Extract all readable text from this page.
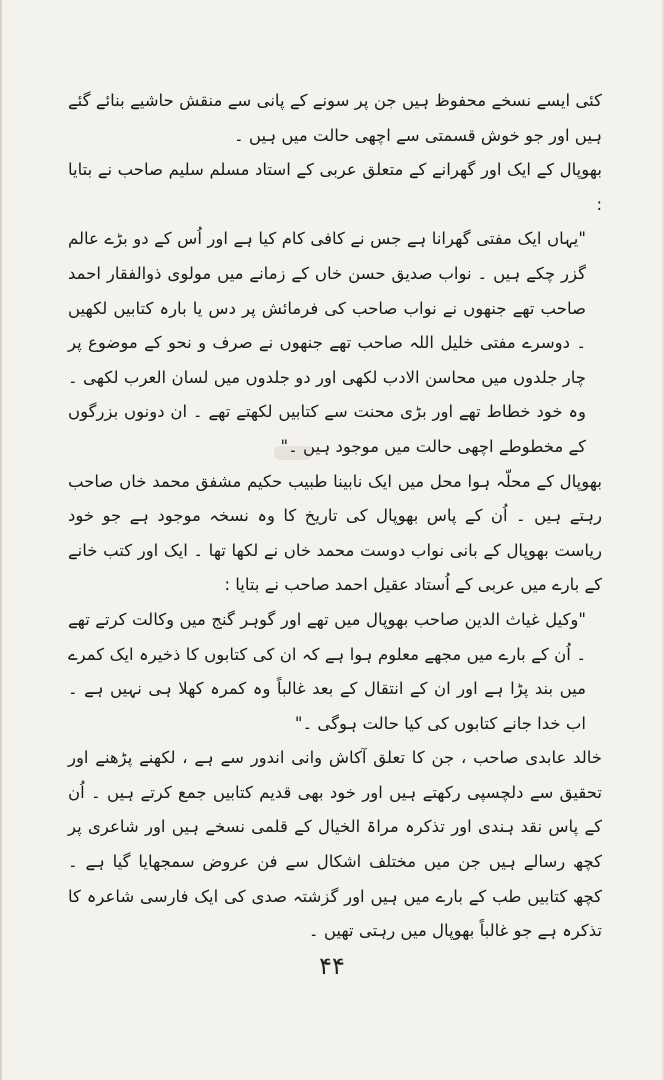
کئی ایسے نسخے محفوظ ہیں جن پر سونے کے پانی سے منقش حاشیے بنائے گئے ہیں اور جو خوش قسمتی سے اچھی حالت میں ہیں ۔

بھوپال کے ایک اور گھرانے کے متعلق عربی کے استاد مسلم سلیم صاحب نے بتایا :

"یہاں ایک مفتی گھرانا ہے جس نے کافی کام کیا ہے اور اُس کے دو بڑے عالم گزر چکے ہیں ۔ نواب صدیق حسن خاں کے زمانے میں مولوی ذوالفقار احمد صاحب تھے جنھوں نے نواب صاحب کی فرمائش پر دس یا بارہ کتابیں لکھیں ۔ دوسرے مفتی خلیل اللہ صاحب تھے جنھوں نے صرف و نحو کے موضوع پر چار جلدوں میں محاسن الادب لکھی اور دو جلدوں میں لسان العرب لکھی ۔ وہ خود خطاط تھے اور بڑی محنت سے کتابیں لکھتے تھے ۔ ان دونوں بزرگوں کے مخطوطے اچھی حالت میں موجود ہیں ۔"

بھوپال کے محلّہ ہوا محل میں ایک نابینا طبیب حکیم مشفق محمد خاں صاحب رہتے ہیں ۔ اُن کے پاس بھوپال کی تاریخ کا وہ نسخہ موجود ہے جو خود ریاست بھوپال کے بانی نواب دوست محمد خاں نے لکھا تھا ۔ ایک اور کتب خانے کے بارے میں عربی کے اُستاد عقیل احمد صاحب نے بتایا :

"وکیل غیاث الدین صاحب بھوپال میں تھے اور گوہر گنج میں وکالت کرتے تھے ۔ اُن کے بارے میں مجھے معلوم ہوا ہے کہ ان کی کتابوں کا ذخیرہ ایک کمرے میں بند پڑا ہے اور ان کے انتقال کے بعد غالباً وہ کمرہ کھلا ہی نہیں ہے ۔ اب خدا جانے کتابوں کی کیا حالت ہوگی ۔"

خالد عابدی صاحب ، جن کا تعلق آکاش وانی اندور سے ہے ، لکھنے پڑھنے اور تحقیق سے دلچسپی رکھتے ہیں اور خود بھی قدیم کتابیں جمع کرتے ہیں ۔ اُن کے پاس نقد ہندی اور تذکرہ مراۃ الخیال کے قلمی نسخے ہیں اور شاعری پر کچھ رسالے ہیں جن میں مختلف اشکال سے فن عروض سمجھایا گیا ہے ۔ کچھ کتابیں طب کے بارے میں ہیں اور گزشتہ صدی کی ایک فارسی شاعرہ کا تذکرہ ہے جو غالباً بھوپال میں رہتی تھیں ۔

۴۴
